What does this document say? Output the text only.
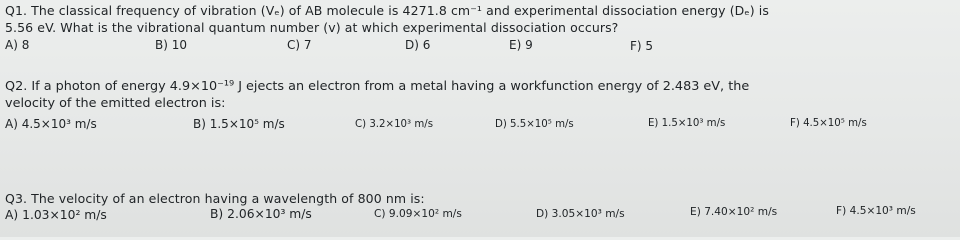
Q1. The classical frequency of vibration (Vₑ) of AB molecule is 4271.8 cm⁻¹ and experimental dissociation energy (Dₑ) is
5.56 eV. What is the vibrational quantum number (v) at which experimental dissociation occurs?
A) 8	B) 10	C) 7	D) 6	E) 9	F) 5
Q2. If a photon of energy 4.9×10⁻¹⁹ J ejects an electron from a metal having a workfunction energy of 2.483 eV, the
velocity of the emitted electron is:
A) 4.5×10³ m/s	B) 1.5×10⁵ m/s	C) 3.2×10³ m/s	D) 5.5×10⁵ m/s	E) 1.5×10³ m/s	F) 4.5×10⁵ m/s
Q3. The velocity of an electron having a wavelength of 800 nm is:
A) 1.03×10² m/s	B) 2.06×10³ m/s	C) 9.09×10² m/s	D) 3.05×10³ m/s	E) 7.40×10² m/s	F) 4.5×10³ m/s
